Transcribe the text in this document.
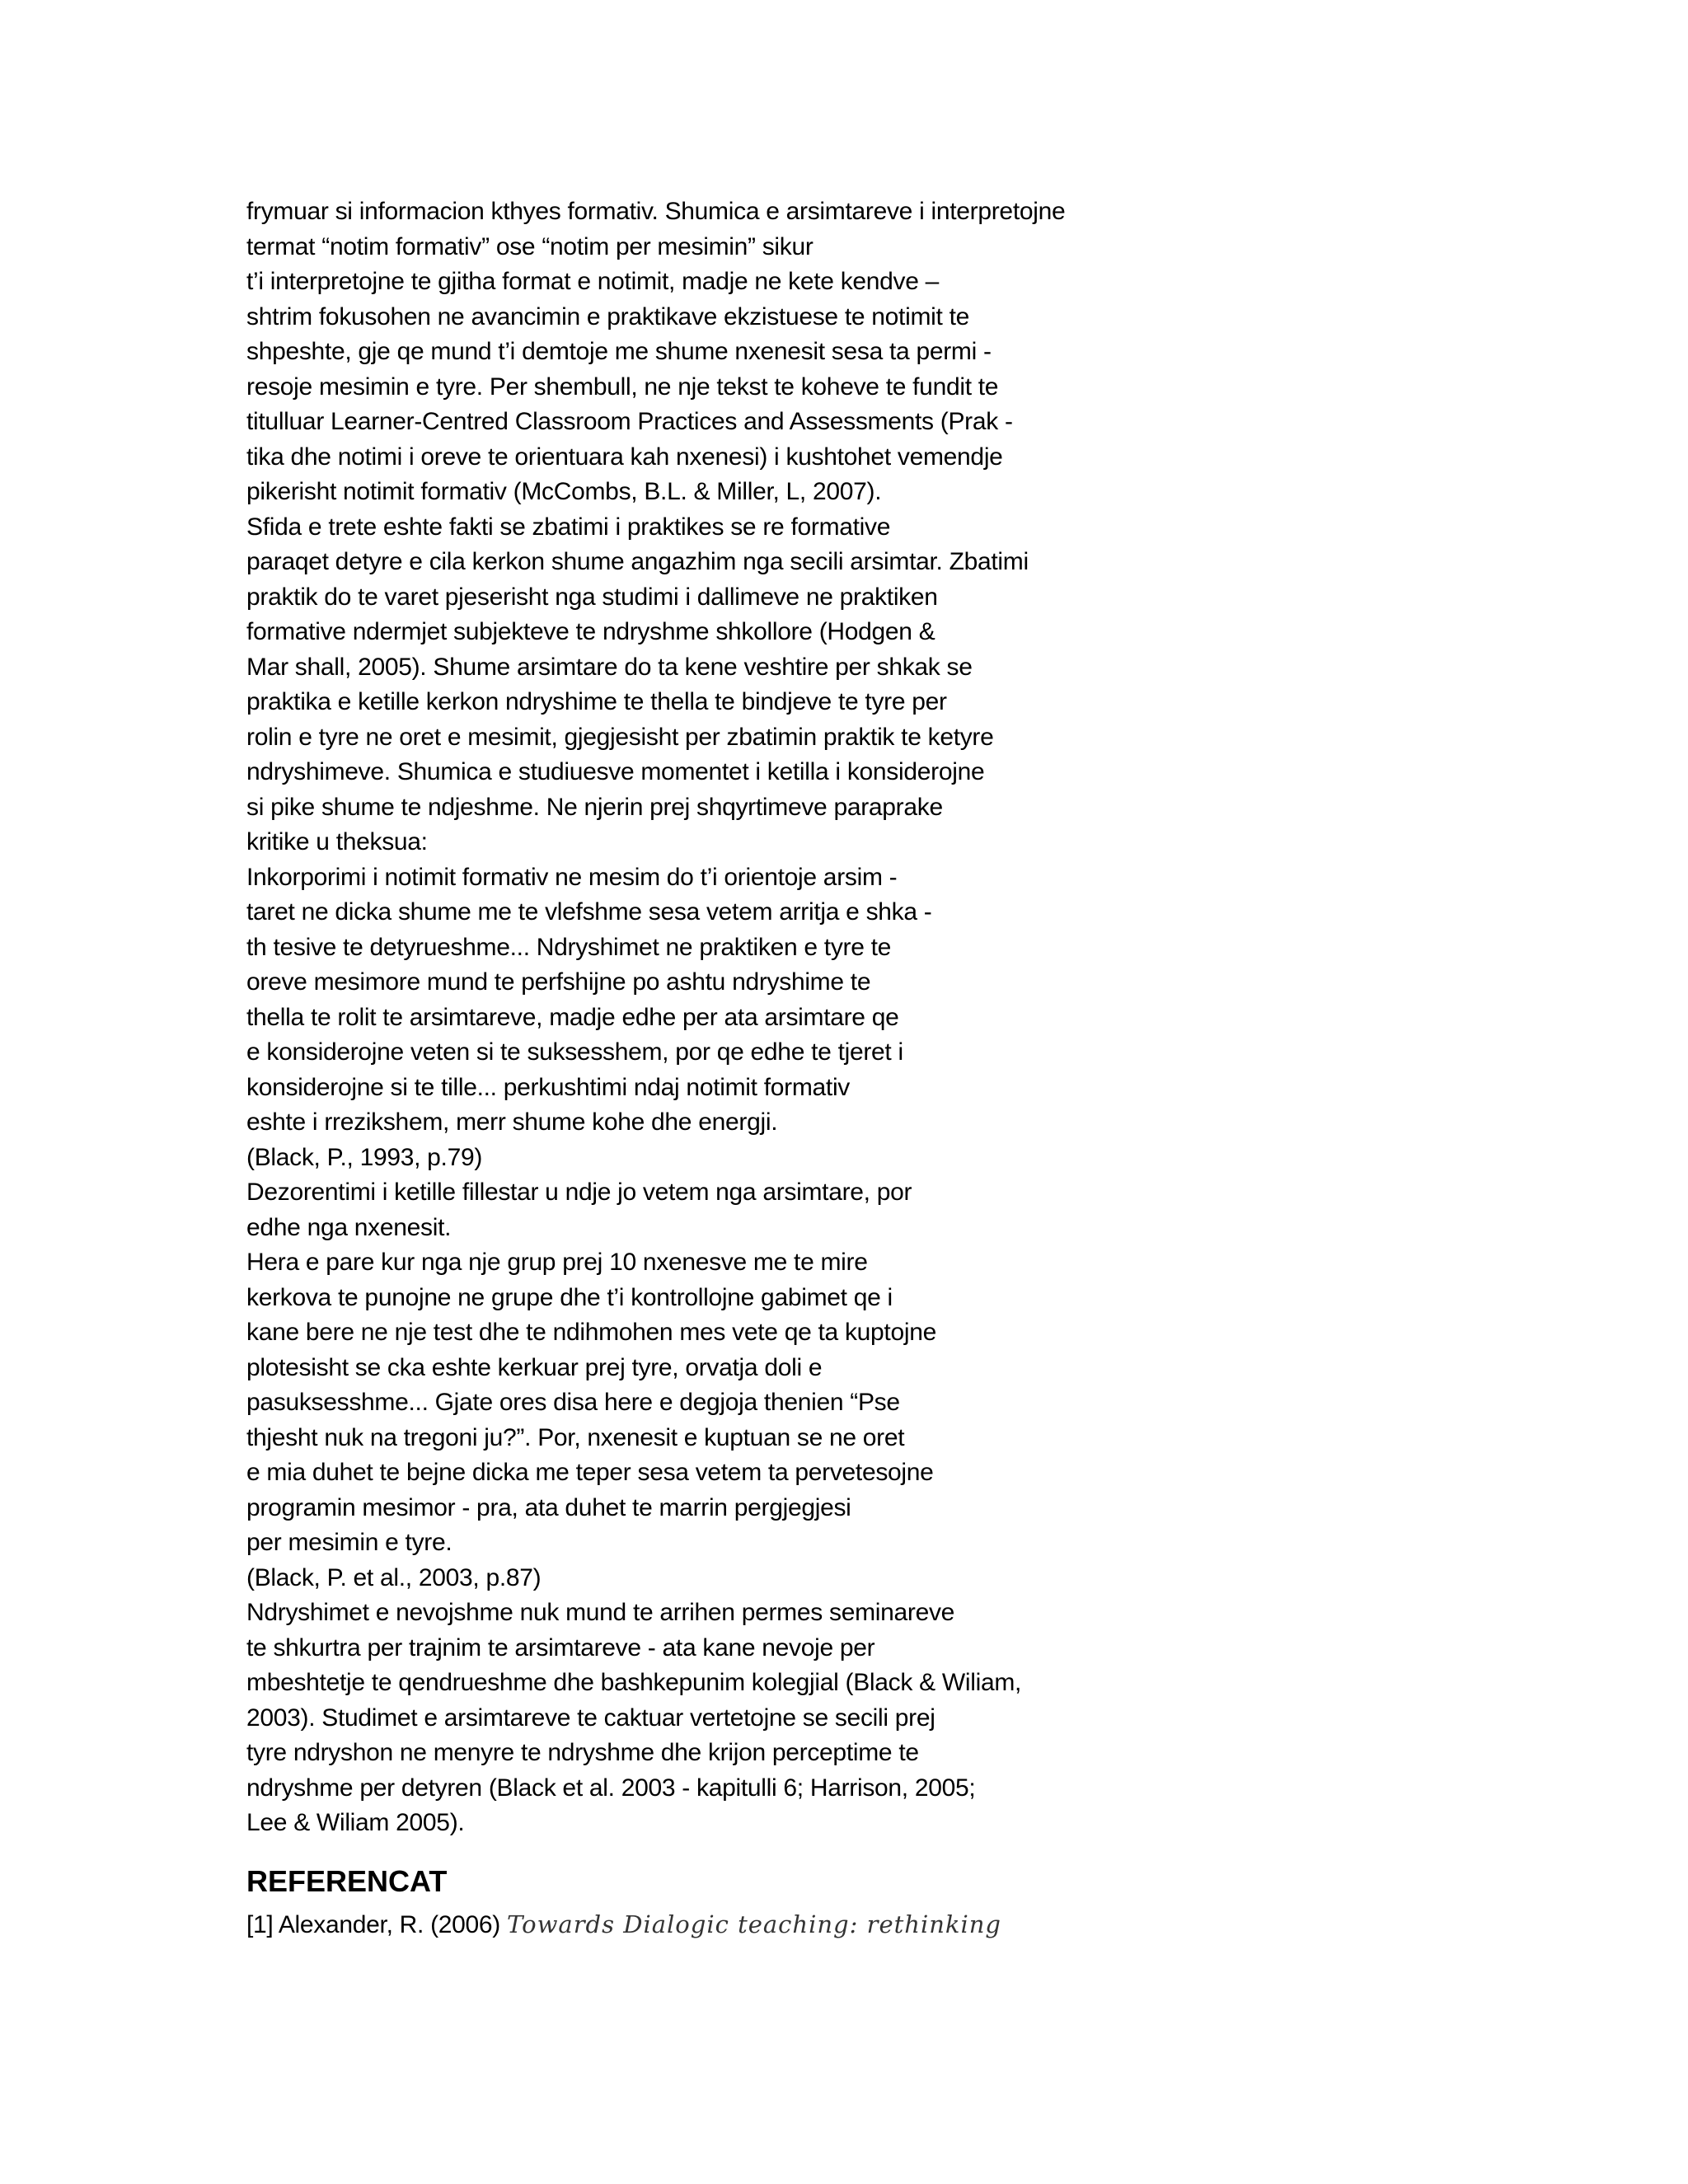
frymuar si informacion kthyes formativ. Shumica e arsimtareve i interpretojne
termat “notim formativ” ose “notim per mesimin” sikur
t’i interpretojne te gjitha format e notimit, madje ne kete kendve –
shtrim fokusohen ne avancimin e praktikave ekzistuese te notimit te
shpeshte, gje qe mund t’i demtoje me shume nxenesit sesa ta permi -
resoje mesimin e tyre. Per shembull, ne nje tekst te koheve te fundit te
titulluar Learner-Centred Classroom Practices and Assessments (Prak -
tika dhe notimi i oreve te orientuara kah nxenesi) i kushtohet vemendje
pikerisht notimit formativ (McCombs, B.L. & Miller, L, 2007).
Sfida e trete eshte fakti se zbatimi i praktikes se re formative
paraqet detyre e cila kerkon shume angazhim nga secili arsimtar. Zbatimi
praktik do te varet pjeserisht nga studimi i dallimeve ne praktiken
formative ndermjet subjekteve te ndryshme shkollore (Hodgen &
Mar shall, 2005). Shume arsimtare do ta kene veshtire per shkak se
praktika e ketille kerkon ndryshime te thella te bindjeve te tyre per
rolin e tyre ne oret e mesimit, gjegjesisht per zbatimin praktik te ketyre
ndryshimeve. Shumica e studiuesve momentet i ketilla i konsiderojne
si pike shume te ndjeshme. Ne njerin prej shqyrtimeve paraprake
kritike u theksua:
Inkorporimi i notimit formativ ne mesim do t’i orientoje arsim -
taret ne dicka shume me te vlefshme sesa vetem arritja e shka -
th tesive te detyrueshme... Ndryshimet ne praktiken e tyre te
oreve mesimore mund te perfshijne po ashtu ndryshime te
thella te rolit te arsimtareve, madje edhe per ata arsimtare qe
e konsiderojne veten si te suksesshem, por qe edhe te tjeret i
konsiderojne si te tille... perkushtimi ndaj notimit formativ
eshte i rrezikshem, merr shume kohe dhe energji.
(Black, P., 1993, p.79)
Dezorentimi i ketille fillestar u ndje jo vetem nga arsimtare, por
edhe nga nxenesit.
Hera e pare kur nga nje grup prej 10 nxenesve me te mire
kerkova te punojne ne grupe dhe t’i kontrollojne gabimet qe i
kane bere ne nje test dhe te ndihmohen mes vete qe ta kuptojne
plotesisht se cka eshte kerkuar prej tyre, orvatja doli e
pasuksesshme... Gjate ores disa here e degjoja thenien “Pse
thjesht nuk na tregoni ju?”. Por, nxenesit e kuptuan se ne oret
e mia duhet te bejne dicka me teper sesa vetem ta pervetesojne
programin mesimor - pra, ata duhet te marrin pergjegjesi
per mesimin e tyre.
(Black, P. et al., 2003, p.87)
Ndryshimet e nevojshme nuk mund te arrihen permes seminareve
te shkurtra per trajnim te arsimtareve - ata kane nevoje per
mbeshtetje te qendrueshme dhe bashkepunim kolegjial (Black & Wiliam,
2003). Studimet e arsimtareve te caktuar vertetojne se secili prej
tyre ndryshon ne menyre te ndryshme dhe krijon perceptime te
ndryshme per detyren (Black et al. 2003 - kapitulli 6; Harrison, 2005;
Lee & Wiliam 2005).
REFERENCAT
[1] Alexander, R. (2006) Towards Dialogic teaching: rethinking
